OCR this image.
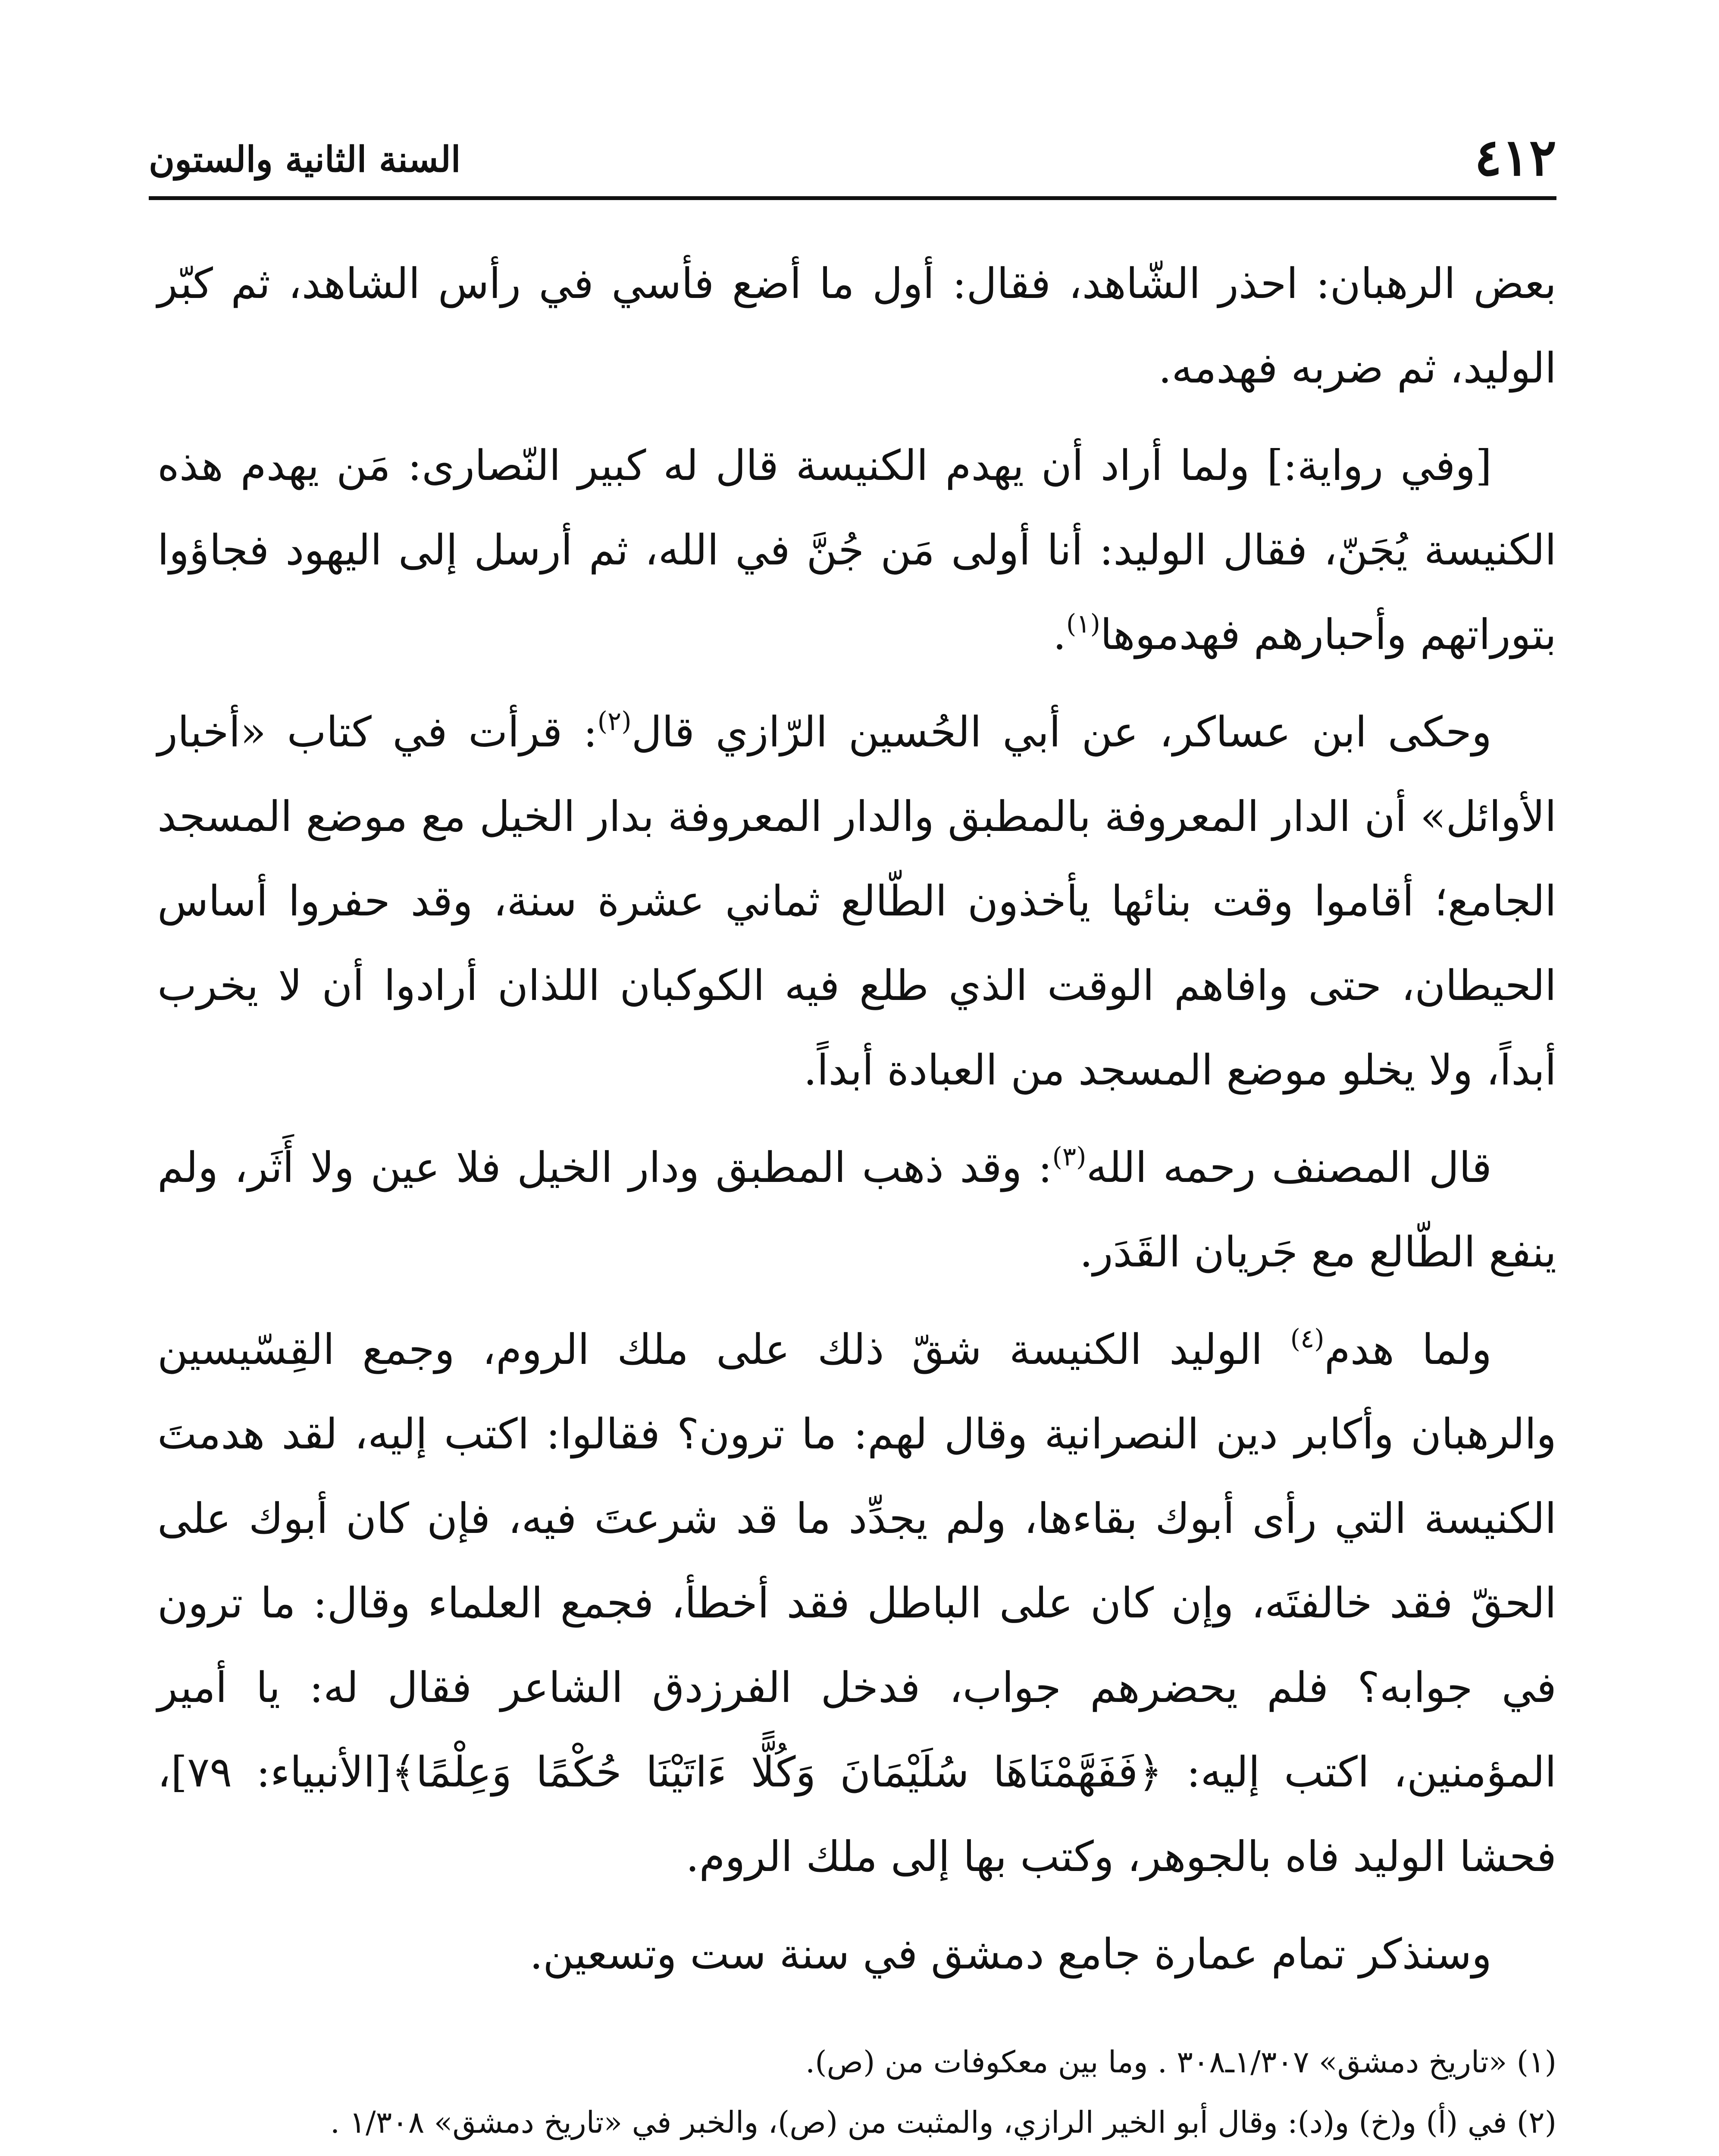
٤١٢
السنة الثانية والستون

بعض الرهبان: احذر الشّاهد، فقال: أول ما أضع فأسي في رأس الشاهد، ثم كبّر الوليد، ثم ضربه فهدمه.

[وفي رواية:] ولما أراد أن يهدم الكنيسة قال له كبير النّصارى: مَن يهدم هذه الكنيسة يُجَنّ، فقال الوليد: أنا أولى مَن جُنَّ في الله، ثم أرسل إلى اليهود فجاؤوا بتوراتهم وأحبارهم فهدموها$^{(١)}$.

وحكى ابن عساكر، عن أبي الحُسين الرّازي قال$^{(٢)}$: قرأت في كتاب «أخبار الأوائل» أن الدار المعروفة بالمطبق والدار المعروفة بدار الخيل مع موضع المسجد الجامع؛ أقاموا وقت بنائها يأخذون الطّالع ثماني عشرة سنة، وقد حفروا أساس الحيطان، حتى وافاهم الوقت الذي طلع فيه الكوكبان اللذان أرادوا أن لا يخرب أبداً، ولا يخلو موضع المسجد من العبادة أبداً.

قال المصنف رحمه الله$^{(٣)}$: وقد ذهب المطبق ودار الخيل فلا عين ولا أَثَر، ولم ينفع الطّالع مع جَريان القَدَر.

ولما هدم$^{(٤)}$ الوليد الكنيسة شقّ ذلك على ملك الروم، وجمع القِسّيسين والرهبان وأكابر دين النصرانية وقال لهم: ما ترون؟ فقالوا: اكتب إليه، لقد هدمتَ الكنيسة التي رأى أبوك بقاءها، ولم يجدِّد ما قد شرعتَ فيه، فإن كان أبوك على الحقّ فقد خالفتَه، وإن كان على الباطل فقد أخطأ، فجمع العلماء وقال: ما ترون في جوابه؟ فلم يحضرهم جواب، فدخل الفرزدق الشاعر فقال له: يا أمير المؤمنين، اكتب إليه: ﴿فَفَهَّمْنَاهَا سُلَيْمَانَ وَكُلًّا ءَاتَيْنَا حُكْمًا وَعِلْمًا﴾[الأنبياء: ٧٩]، فحشا الوليد فاه بالجوهر، وكتب بها إلى ملك الروم.

وسنذكر تمام عمارة جامع دمشق في سنة ست وتسعين.

(١) «تاريخ دمشق» ١/٣٠٧ـ٣٠٨ . وما بين معكوفات من (ص).

(٢) في (أ) و(خ) و(د): وقال أبو الخير الرازي، والمثبت من (ص)، والخبر في «تاريخ دمشق» ١/٣٠٨ .
